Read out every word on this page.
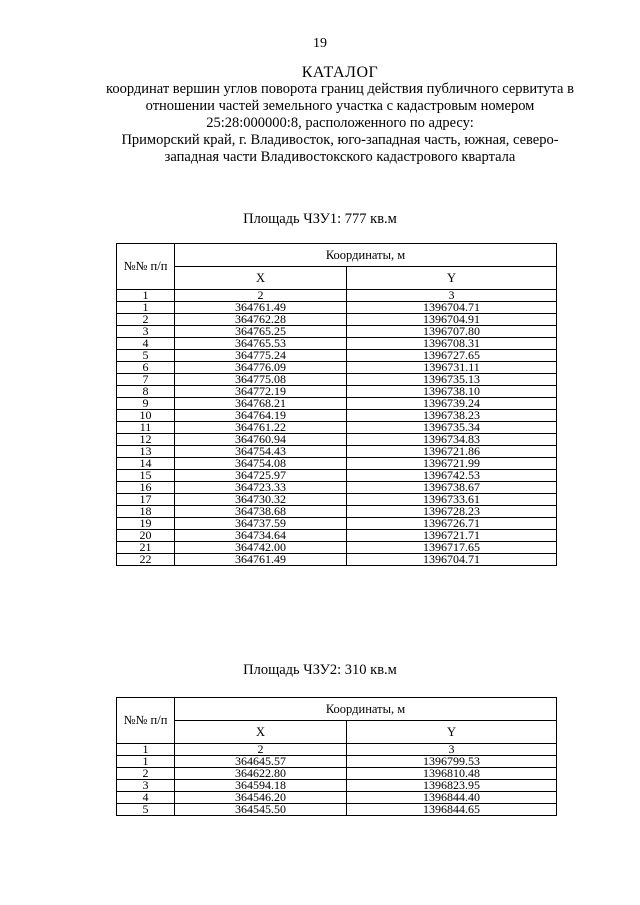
19
КАТАЛОГ
координат вершин углов поворота границ действия публичного сервитута в
отношении частей земельного участка с кадастровым номером
25:28:000000:8, расположенного по адресу:
Приморский край, г. Владивосток, юго-западная часть, южная, северо-
западная части Владивостокского кадастрового квартала
Площадь ЧЗУ1: 777 кв.м
№№ п/п	Координаты, м	
	X	Y
1	2	3
1	364761.49	1396704.71
2	364762.28	1396704.91
3	364765.25	1396707.80
4	364765.53	1396708.31
5	364775.24	1396727.65
6	364776.09	1396731.11
7	364775.08	1396735.13
8	364772.19	1396738.10
9	364768.21	1396739.24
10	364764.19	1396738.23
11	364761.22	1396735.34
12	364760.94	1396734.83
13	364754.43	1396721.86
14	364754.08	1396721.99
15	364725.97	1396742.53
16	364723.33	1396738.67
17	364730.32	1396733.61
18	364738.68	1396728.23
19	364737.59	1396726.71
20	364734.64	1396721.71
21	364742.00	1396717.65
22	364761.49	1396704.71
Площадь ЧЗУ2: 310 кв.м
№№ п/п	Координаты, м	
	X	Y
1	2	3
1	364645.57	1396799.53
2	364622.80	1396810.48
3	364594.18	1396823.95
4	364546.20	1396844.40
5	364545.50	1396844.65
